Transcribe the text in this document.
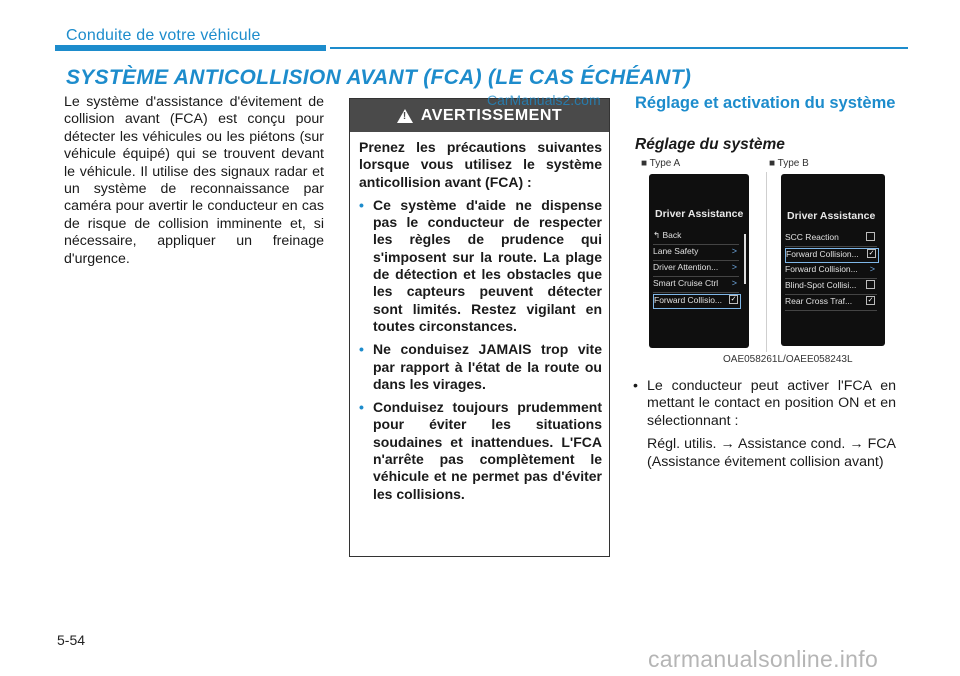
Conduite de votre véhicule
SYSTÈME ANTICOLLISION AVANT (FCA) (LE CAS ÉCHÉANT)
Le système d'assistance d'évitement de collision avant (FCA) est conçu pour détecter les véhicules ou les piétons (sur véhicule équipé) qui se trouvent devant le véhicule. Il utilise des signaux radar et un système de reconnaissance par caméra pour avertir le conducteur en cas de risque de collision imminente et, si nécessaire, appliquer un freinage d'urgence.
!
AVERTISSEMENT
Prenez les précautions suivantes lorsque vous utilisez le système anticollision avant (FCA) :
• Ce système d'aide ne dispense pas le conducteur de respecter les règles de prudence qui s'imposent sur la route. La plage de détection et les obstacles que les capteurs peuvent détecter sont limités. Restez vigilant en toutes circonstances.
• Ne conduisez JAMAIS trop vite par rapport à l'état de la route ou dans les virages.
• Conduisez toujours prudemment pour éviter les situations soudaines et inattendues. L'FCA n'arrête pas complètement le véhicule et ne permet pas d'éviter les collisions.
CarManuals2.com Réglage et activation du système
Réglage du système
■ Type A	■ Type B
Driver Assistance
↰ Back
Lane Safety	>
Driver Attention... >
Smart Cruise Ctrl >
Forward Collisio... ✓
Driver Assistance
SCC Reaction
Forward Collision... ✓
Forward Collision... >
Blind-Spot Collisi...
Rear Cross Traf... ✓
OAE058261L/OAEE058243L
• Le conducteur peut activer l'FCA en mettant le contact en position ON et en sélectionnant :
Régl. utilis. → Assistance cond. → FCA (Assistance évitement collision avant)
5-54
carmanualsonline.info
